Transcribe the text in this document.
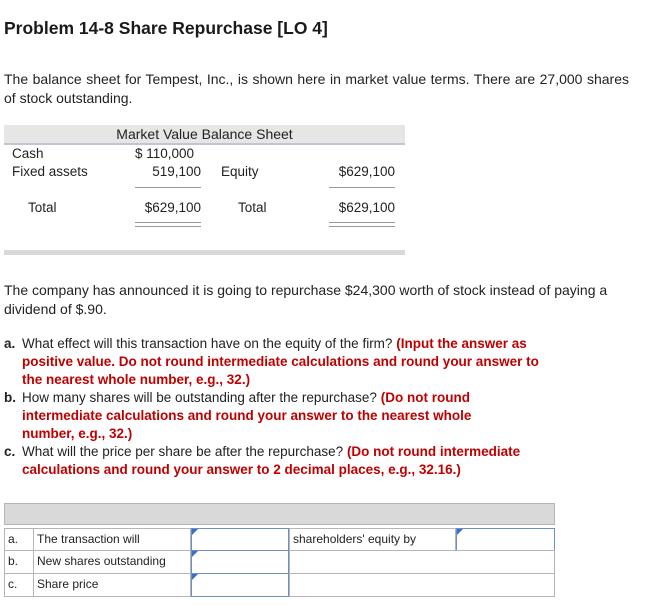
Problem 14-8 Share Repurchase [LO 4]
The balance sheet for Tempest, Inc., is shown here in market value terms. There are 27,000 shares of stock outstanding.
Market Value Balance Sheet
Cash	$ 110,000
Fixed assets	519,100 Equity	$629,100
Total	$629,100	Total	$629,100
The company has announced it is going to repurchase $24,300 worth of stock instead of paying a dividend of $.90.
a. What effect will this transaction have on the equity of the firm? (Input the answer as
positive value. Do not round intermediate calculations and round your answer to
the nearest whole number, e.g., 32.)
b. How many shares will be outstanding after the repurchase? (Do not round
intermediate calculations and round your answer to the nearest whole
number, e.g., 32.)
c. What will the price per share be after the repurchase? (Do not round intermediate
calculations and round your answer to 2 decimal places, e.g., 32.16.)
a.	The transaction will	shareholders' equity by
b.	New shares outstanding
c.	Share price
